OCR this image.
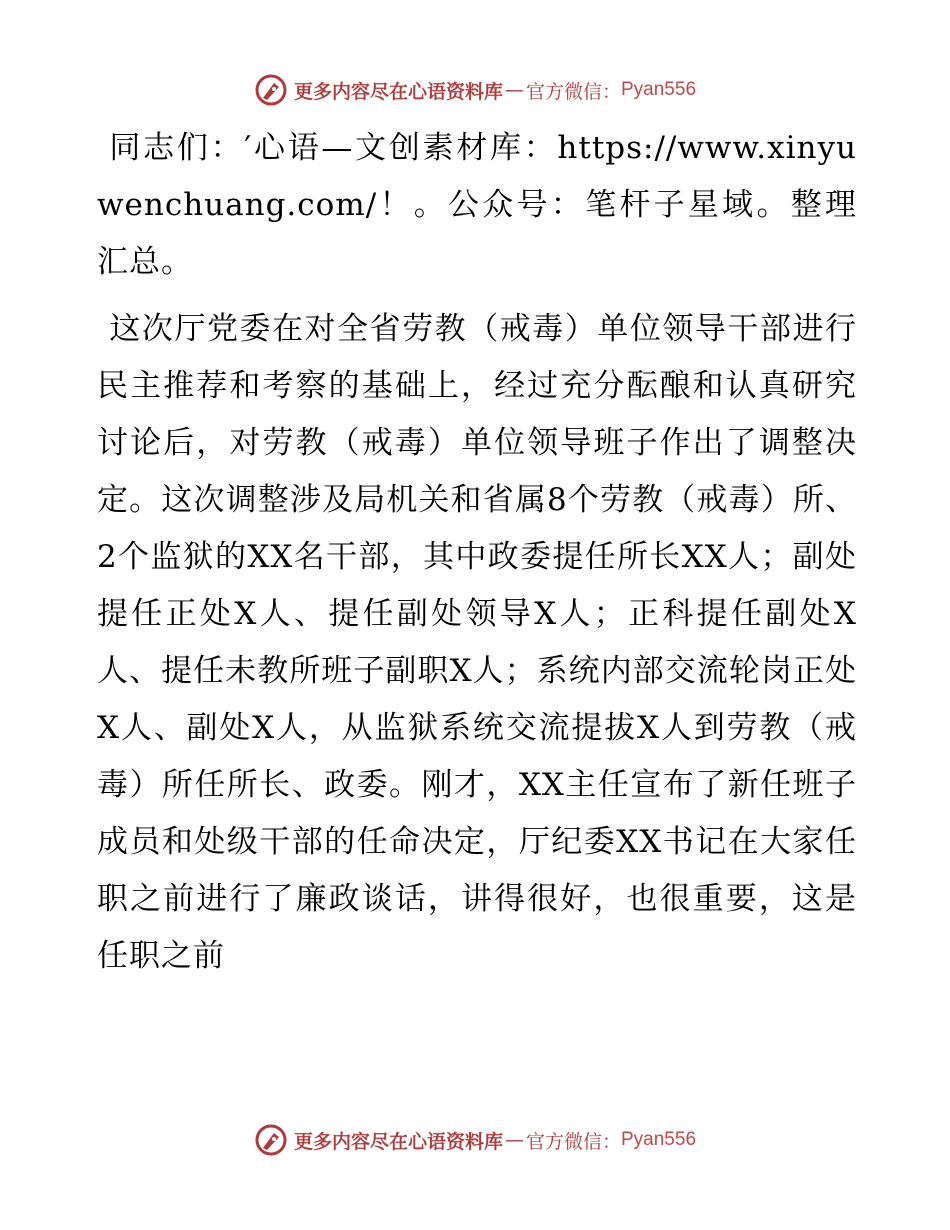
更多内容尽在心语资料库 — 官方微信： Pyan556

同志们：′心语—文创素材库：https://www.xinyuwenchuang.com/！。公众号：笔杆子星域。整理汇总。

这次厅党委在对全省劳教（戒毒）单位领导干部进行民主推荐和考察的基础上，经过充分酝酿和认真研究讨论后，对劳教（戒毒）单位领导班子作出了调整决定。这次调整涉及局机关和省属8个劳教（戒毒）所、2个监狱的XX名干部，其中政委提任所长XX人；副处提任正处X人、提任副处领导X人；正科提任副处X人、提任未教所班子副职X人；系统内部交流轮岗正处X人、副处X人，从监狱系统交流提拔X人到劳教（戒毒）所任所长、政委。刚才，XX主任宣布了新任班子成员和处级干部的任命决定，厅纪委XX书记在大家任职之前进行了廉政谈话，讲得很好，也很重要，这是任职之前

更多内容尽在心语资料库 — 官方微信： Pyan556
